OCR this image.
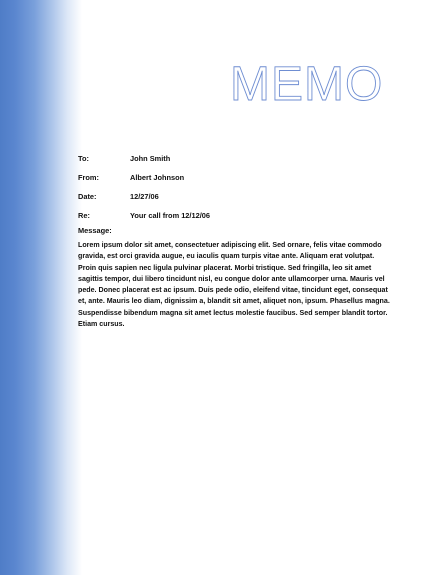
MEMO
To:	John Smith
From:	Albert Johnson
Date:	12/27/06
Re:	Your call from 12/12/06
Message:

Lorem ipsum dolor sit amet, consectetuer adipiscing elit. Sed ornare, felis vitae commodo gravida, est orci gravida augue, eu iaculis quam turpis vitae ante. Aliquam erat volutpat. Proin quis sapien nec ligula pulvinar placerat. Morbi tristique. Sed fringilla, leo sit amet sagittis tempor, dui libero tincidunt nisl, eu congue dolor ante ullamcorper urna. Mauris vel pede. Donec placerat est ac ipsum. Duis pede odio, eleifend vitae, tincidunt eget, consequat et, ante. Mauris leo diam, dignissim a, blandit sit amet, aliquet non, ipsum. Phasellus magna. Suspendisse bibendum magna sit amet lectus molestie faucibus. Sed semper blandit tortor. Etiam cursus.
